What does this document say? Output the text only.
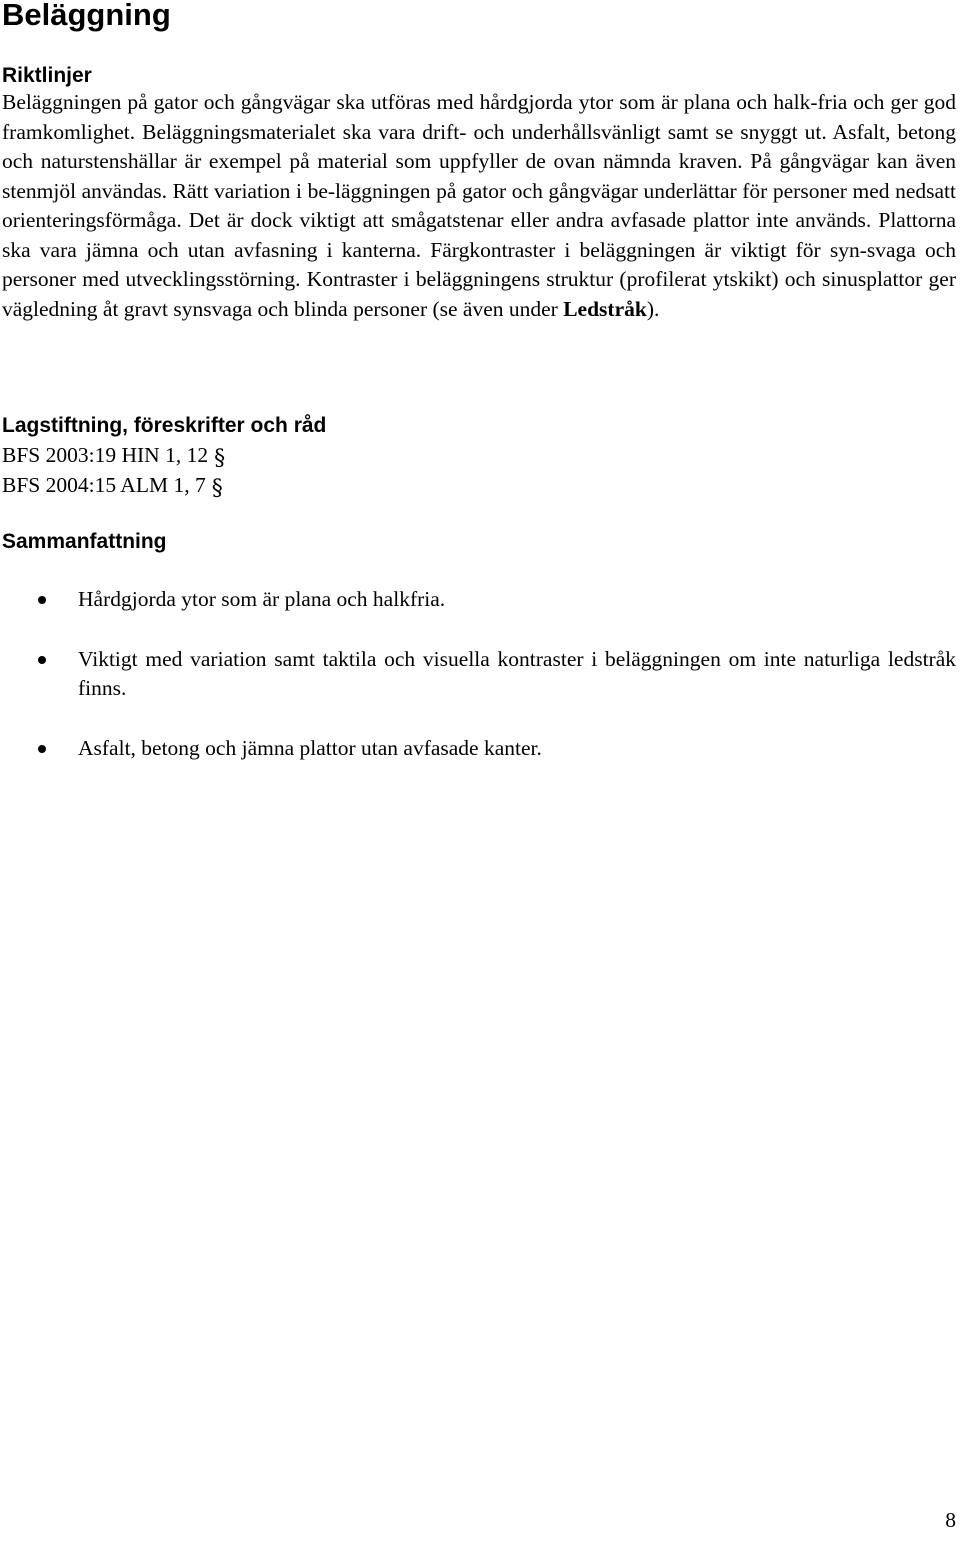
Beläggning
Riktlinjer

Beläggningen på gator och gångvägar ska utföras med hårdgjorda ytor som är plana och halk-fria och ger god framkomlighet. Beläggningsmaterialet ska vara drift- och underhållsvänligt samt se snyggt ut. Asfalt, betong och naturstenshällar är exempel på material som uppfyller de ovan nämnda kraven. På gångvägar kan även stenmjöl användas. Rätt variation i be-läggningen på gator och gångvägar underlättar för personer med nedsatt orienteringsförmåga. Det är dock viktigt att smågatstenar eller andra avfasade plattor inte används. Plattorna ska vara jämna och utan avfasning i kanterna. Färgkontraster i beläggningen är viktigt för syn-svaga och personer med utvecklingsstörning. Kontraster i beläggningens struktur (profilerat ytskikt) och sinusplattor ger vägledning åt gravt synsvaga och blinda personer (se även under Ledstråk).

Lagstiftning, föreskrifter och råd

BFS 2003:19 HIN 1, 12 §

BFS 2004:15 ALM 1, 7 §

Sammanfattning
Hårdgjorda ytor som är plana och halkfria.
Viktigt med variation samt taktila och visuella kontraster i beläggningen om inte naturliga ledstråk finns.
Asfalt, betong och jämna plattor utan avfasade kanter.

8
